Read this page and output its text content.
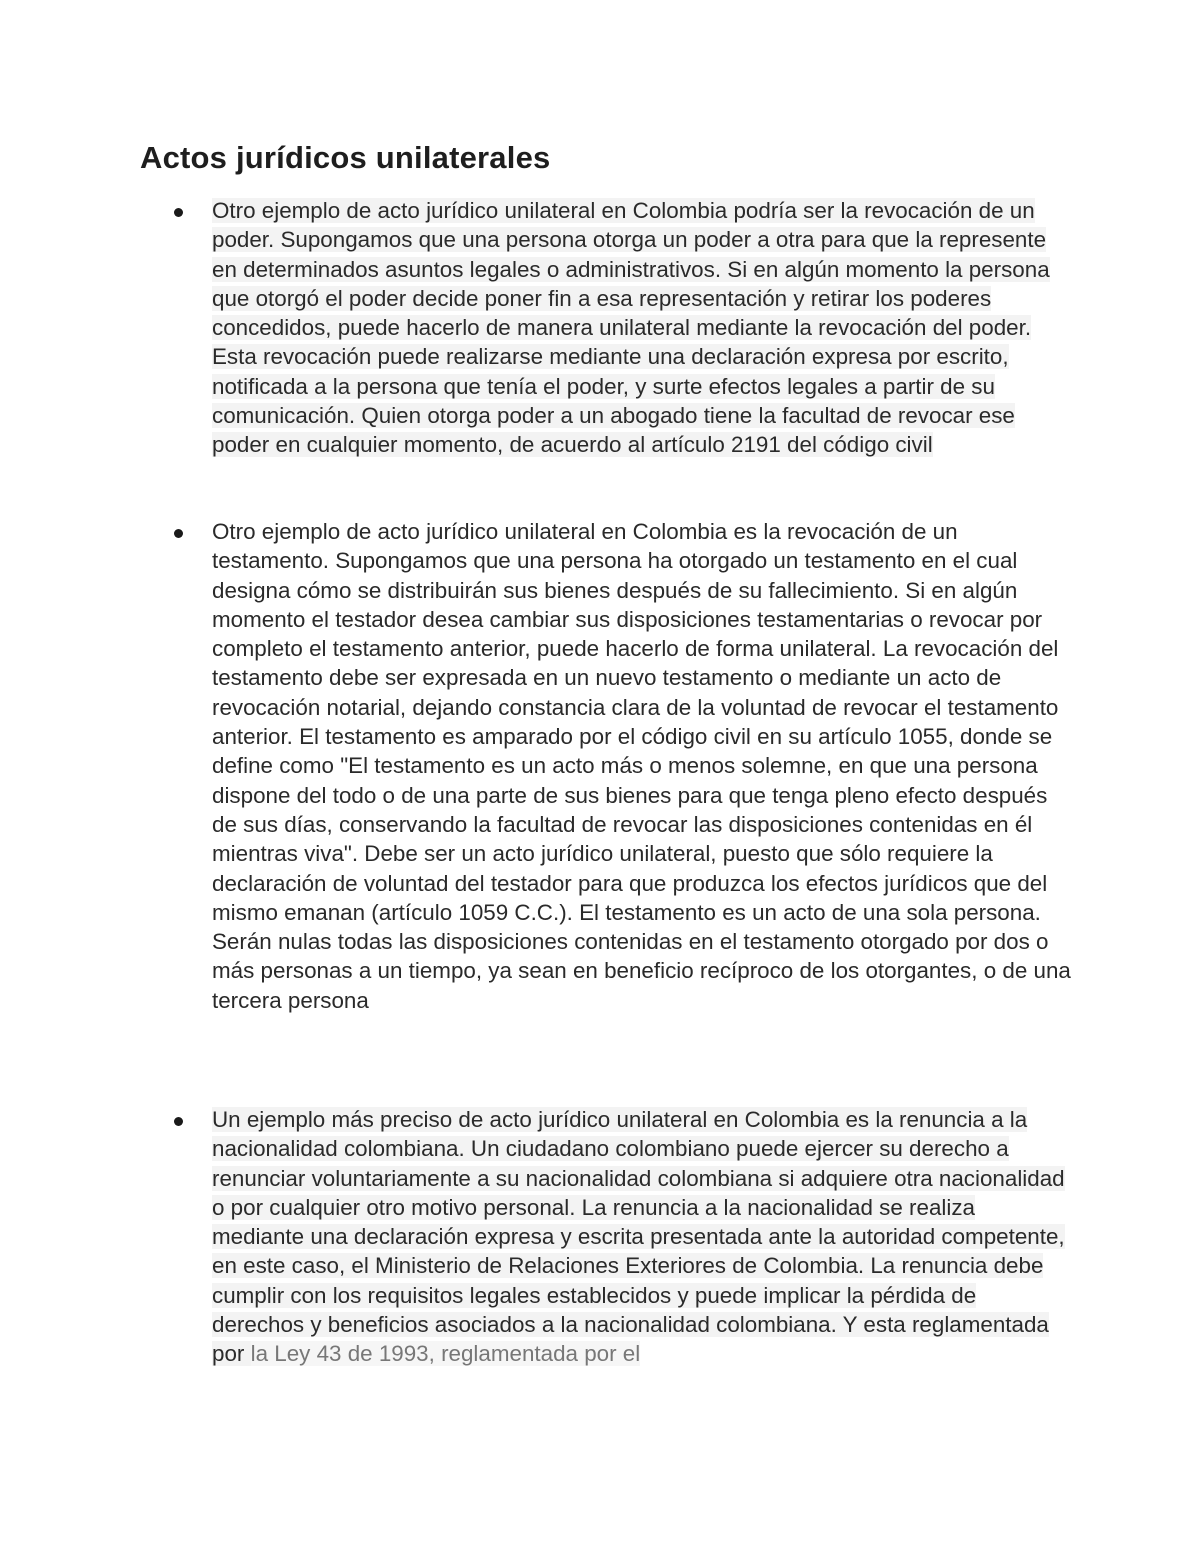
Actos jurídicos unilaterales

Otro ejemplo de acto jurídico unilateral en Colombia podría ser la revocación de un poder. Supongamos que una persona otorga un poder a otra para que la represente en determinados asuntos legales o administrativos. Si en algún momento la persona que otorgó el poder decide poner fin a esa representación y retirar los poderes concedidos, puede hacerlo de manera unilateral mediante la revocación del poder. Esta revocación puede realizarse mediante una declaración expresa por escrito, notificada a la persona que tenía el poder, y surte efectos legales a partir de su comunicación. Quien otorga poder a un abogado tiene la facultad de revocar ese poder en cualquier momento, de acuerdo al artículo 2191 del código civil

Otro ejemplo de acto jurídico unilateral en Colombia es la revocación de un testamento. Supongamos que una persona ha otorgado un testamento en el cual designa cómo se distribuirán sus bienes después de su fallecimiento. Si en algún momento el testador desea cambiar sus disposiciones testamentarias o revocar por completo el testamento anterior, puede hacerlo de forma unilateral. La revocación del testamento debe ser expresada en un nuevo testamento o mediante un acto de revocación notarial, dejando constancia clara de la voluntad de revocar el testamento anterior. El testamento es amparado por el código civil en su artículo 1055, donde se define como "El testamento es un acto más o menos solemne, en que una persona dispone del todo o de una parte de sus bienes para que tenga pleno efecto después de sus días, conservando la facultad de revocar las disposiciones contenidas en él mientras viva". Debe ser un acto jurídico unilateral, puesto que sólo requiere la declaración de voluntad del testador para que produzca los efectos jurídicos que del mismo emanan (artículo 1059 C.C.). El testamento es un acto de una sola persona. Serán nulas todas las disposiciones contenidas en el testamento otorgado por dos o más personas a un tiempo, ya sean en beneficio recíproco de los otorgantes, o de una tercera persona

Un ejemplo más preciso de acto jurídico unilateral en Colombia es la renuncia a la nacionalidad colombiana. Un ciudadano colombiano puede ejercer su derecho a renunciar voluntariamente a su nacionalidad colombiana si adquiere otra nacionalidad o por cualquier otro motivo personal. La renuncia a la nacionalidad se realiza mediante una declaración expresa y escrita presentada ante la autoridad competente, en este caso, el Ministerio de Relaciones Exteriores de Colombia. La renuncia debe cumplir con los requisitos legales establecidos y puede implicar la pérdida de derechos y beneficios asociados a la nacionalidad colombiana. Y esta reglamentada por la Ley 43 de 1993, reglamentada por el
